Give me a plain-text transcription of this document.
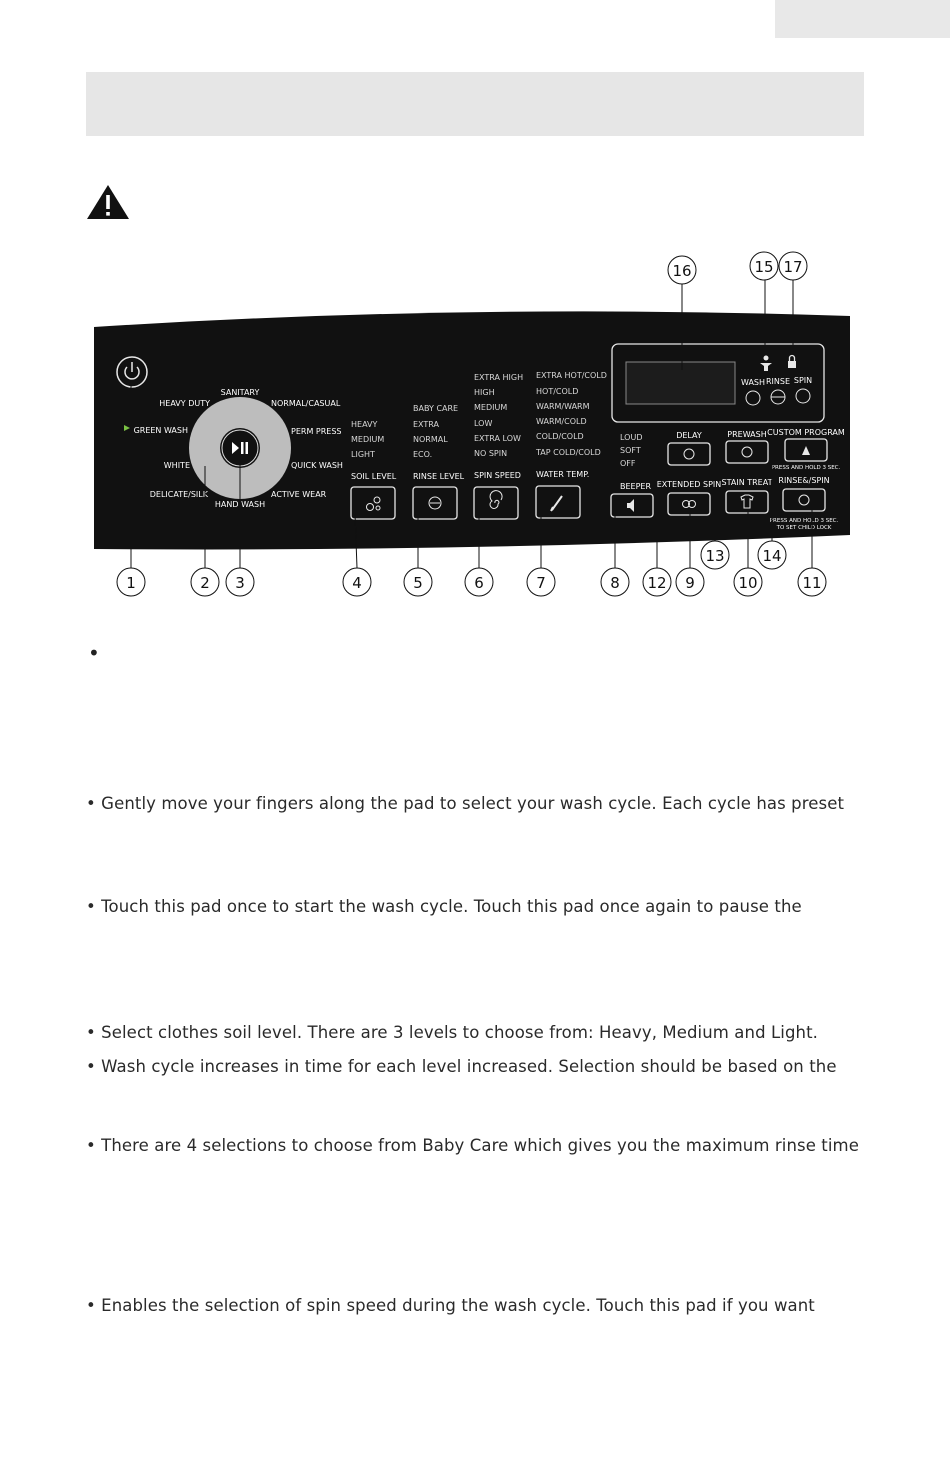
SANITARY
HEAVY DUTY	NORMAL/CASUAL
GREEN WASH	PERM PRESS
WHITE	QUICK WASH
DELICATE/SILK	ACTIVE WEAR
HAND WASH
HEAVY
MEDIUM
LIGHT
SOIL LEVEL
BABY CARE
EXTRA
NORMAL
ECO.
RINSE LEVEL
EXTRA HIGH
HIGH
MEDIUM
LOW
EXTRA LOW
NO SPIN
SPIN SPEED
EXTRA HOT/COLD
HOT/COLD
WARM/WARM
WARM/COLD
COLD/COLD
TAP COLD/COLD
WATER TEMP.
LOUD
SOFT
OFF
BEEPER
WASH RINSE SPIN
DELAY	PREWASH CUSTOM PROGRAM
PRESS AND HOLD 3 SEC.
EXTENDED SPIN STAIN TREAT RINSE&/SPIN
PRESS AND HOLD 3 SEC.
TO SET CHILD LOCK
1	2 3	4	5	6	7	8 12 9
13
10
14
11
16	15 17
•
• Gently move your fingers along the pad to select your wash cycle. Each cycle has preset
• Touch this pad once to start the wash cycle. Touch this pad once again to pause the
• Select clothes soil level. There are 3 levels to choose from: Heavy, Medium and Light.
• Wash cycle increases in time for each level increased. Selection should be based on the
• There are 4 selections to choose from Baby Care which gives you the maximum rinse time
• Enables the selection of spin speed during the wash cycle. Touch this pad if you want
